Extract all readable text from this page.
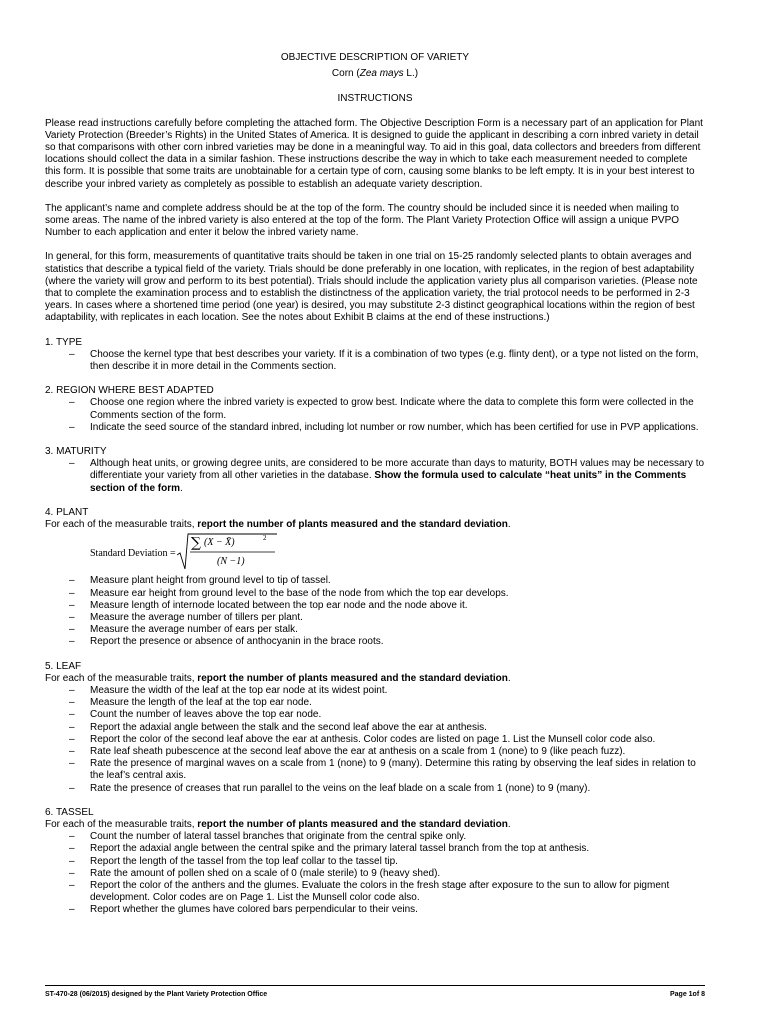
OBJECTIVE DESCRIPTION OF VARIETY

Corn (Zea mays L.)

INSTRUCTIONS

Please read instructions carefully before completing the attached form. The Objective Description Form is a necessary part of an application for Plant Variety Protection (Breeder’s Rights) in the United States of America. It is designed to guide the applicant in describing a corn inbred variety in detail so that comparisons with other corn inbred varieties may be done in a meaningful way. To aid in this goal, data collectors and breeders from different locations should collect the data in a similar fashion. These instructions describe the way in which to take each measurement needed to complete this form. It is possible that some traits are unobtainable for a certain type of corn, causing some blanks to be left empty. It is in your best interest to describe your inbred variety as completely as possible to establish an adequate variety description.

The applicant’s name and complete address should be at the top of the form. The country should be included since it is needed when mailing to some areas. The name of the inbred variety is also entered at the top of the form. The Plant Variety Protection Office will assign a unique PVPO Number to each application and enter it below the inbred variety name.

In general, for this form, measurements of quantitative traits should be taken in one trial on 15-25 randomly selected plants to obtain averages and statistics that describe a typical field of the variety. Trials should be done preferably in one location, with replicates, in the region of best adaptability (where the variety will grow and perform to its best potential). Trials should include the application variety plus all comparison varieties. (Please note that to complete the examination process and to establish the distinctness of the application variety, the trial protocol needs to be performed in 2-3 years. In cases where a shortened time period (one year) is desired, you may substitute 2-3 distinct geographical locations within the region of best adaptability, with replicates in each location. See the notes about Exhibit B claims at the end of these instructions.)

1. TYPE

– Choose the kernel type that best describes your variety. If it is a combination of two types (e.g. flinty dent), or a type not listed on the form, then describe it in more detail in the Comments section.

2. REGION WHERE BEST ADAPTED

– Choose one region where the inbred variety is expected to grow best. Indicate where the data to complete this form were collected in the Comments section of the form.
– Indicate the seed source of the standard inbred, including lot number or row number, which has been certified for use in PVP applications.

3. MATURITY

– Although heat units, or growing degree units, are considered to be more accurate than days to maturity, BOTH values may be necessary to differentiate your variety from all other varieties in the database. Show the formula used to calculate “heat units” in the Comments section of the form.

4. PLANT

For each of the measurable traits, report the number of plants measured and the standard deviation.

Standard Deviation =
∑ (X − X̄)	2
(N −1)
– Measure plant height from ground level to tip of tassel.
– Measure ear height from ground level to the base of the node from which the top ear develops.
– Measure length of internode located between the top ear node and the node above it.
– Measure the average number of tillers per plant.
– Measure the average number of ears per stalk.
– Report the presence or absence of anthocyanin in the brace roots.

5. LEAF

For each of the measurable traits, report the number of plants measured and the standard deviation.

– Measure the width of the leaf at the top ear node at its widest point.
– Measure the length of the leaf at the top ear node.
– Count the number of leaves above the top ear node.
– Report the adaxial angle between the stalk and the second leaf above the ear at anthesis.
– Report the color of the second leaf above the ear at anthesis. Color codes are listed on page 1. List the Munsell color code also.
– Rate leaf sheath pubescence at the second leaf above the ear at anthesis on a scale from 1 (none) to 9 (like peach fuzz).
– Rate the presence of marginal waves on a scale from 1 (none) to 9 (many). Determine this rating by observing the leaf sides in relation to the leaf’s central axis.
– Rate the presence of creases that run parallel to the veins on the leaf blade on a scale from 1 (none) to 9 (many).

6. TASSEL

For each of the measurable traits, report the number of plants measured and the standard deviation.

– Count the number of lateral tassel branches that originate from the central spike only.
– Report the adaxial angle between the central spike and the primary lateral tassel branch from the top at anthesis.
– Report the length of the tassel from the top leaf collar to the tassel tip.
– Rate the amount of pollen shed on a scale of 0 (male sterile) to 9 (heavy shed).
– Report the color of the anthers and the glumes. Evaluate the colors in the fresh stage after exposure to the sun to allow for pigment development. Color codes are on Page 1. List the Munsell color code also.
– Report whether the glumes have colored bars perpendicular to their veins.
ST-470-28 (06/2015) designed by the Plant Variety Protection Office	Page 1of 8
